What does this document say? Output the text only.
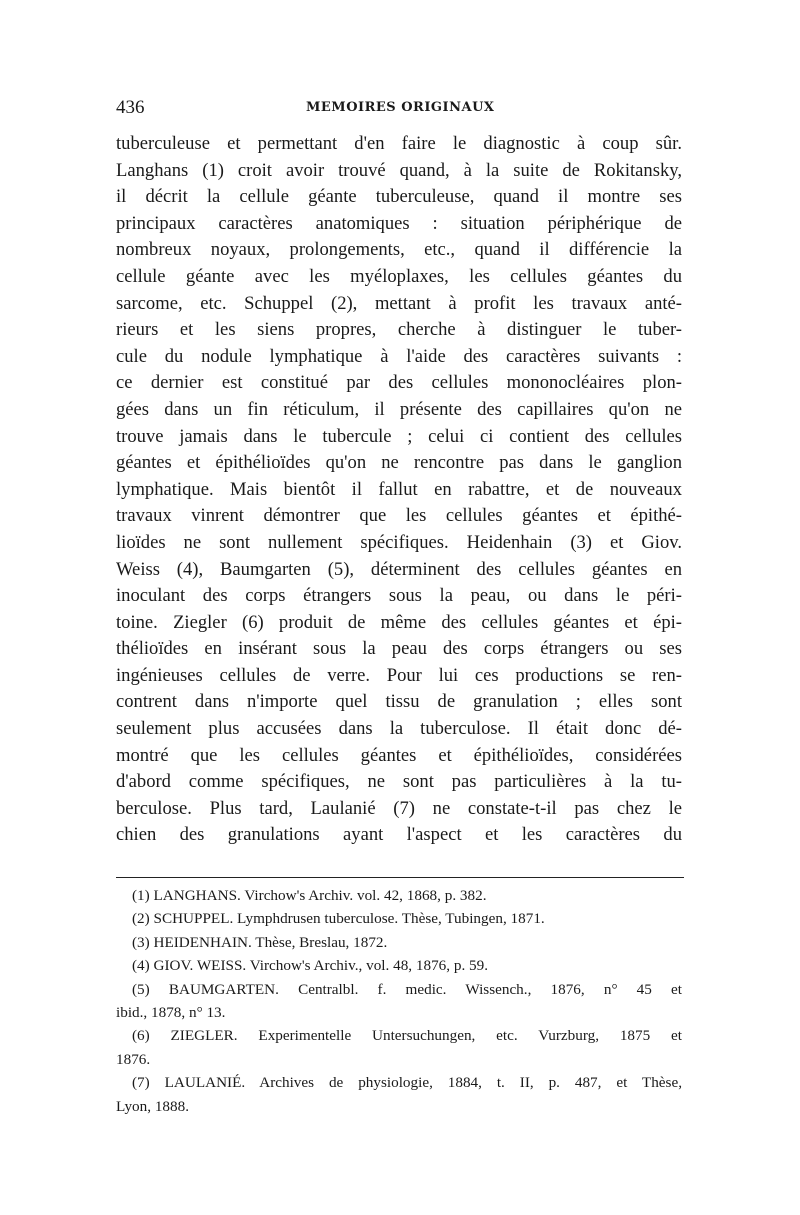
436	MEMOIRES ORIGINAUX
tuberculeuse et permettant d'en faire le diagnostic à coup sûr.
Langhans (1) croit avoir trouvé quand, à la suite de Rokitansky,
il décrit la cellule géante tuberculeuse, quand il montre ses
principaux caractères anatomiques : situation périphérique de
nombreux noyaux, prolongements, etc., quand il différencie la
cellule géante avec les myéloplaxes, les cellules géantes du
sarcome, etc. Schuppel (2), mettant à profit les travaux anté-
rieurs et les siens propres, cherche à distinguer le tuber-
cule du nodule lymphatique à l'aide des caractères suivants :
ce dernier est constitué par des cellules mononocléaires plon-
gées dans un fin réticulum, il présente des capillaires qu'on ne
trouve jamais dans le tubercule ; celui ci contient des cellules
géantes et épithélioïdes qu'on ne rencontre pas dans le ganglion
lymphatique. Mais bientôt il fallut en rabattre, et de nouveaux
travaux vinrent démontrer que les cellules géantes et épithé-
lioïdes ne sont nullement spécifiques. Heidenhain (3) et Giov.
Weiss (4), Baumgarten (5), déterminent des cellules géantes en
inoculant des corps étrangers sous la peau, ou dans le péri-
toine. Ziegler (6) produit de même des cellules géantes et épi-
thélioïdes en insérant sous la peau des corps étrangers ou ses
ingénieuses cellules de verre. Pour lui ces productions se ren-
contrent dans n'importe quel tissu de granulation ; elles sont
seulement plus accusées dans la tuberculose. Il était donc dé-
montré que les cellules géantes et épithélioïdes, considérées
d'abord comme spécifiques, ne sont pas particulières à la tu-
berculose. Plus tard, Laulanié (7) ne constate-t-il pas chez le
chien des granulations ayant l'aspect et les caractères du
(1) LANGHANS. Virchow's Archiv. vol. 42, 1868, p. 382.
(2) SCHUPPEL. Lymphdrusen tuberculose. Thèse, Tubingen, 1871.
(3) HEIDENHAIN. Thèse, Breslau, 1872.
(4) GIOV. WEISS. Virchow's Archiv., vol. 48, 1876, p. 59.
(5) BAUMGARTEN. Centralbl. f. medic. Wissench., 1876, n° 45 et
ibid., 1878, n° 13.
(6) ZIEGLER. Experimentelle Untersuchungen, etc. Vurzburg, 1875 et
1876.
(7) LAULANIÉ. Archives de physiologie, 1884, t. II, p. 487, et Thèse,
Lyon, 1888.
